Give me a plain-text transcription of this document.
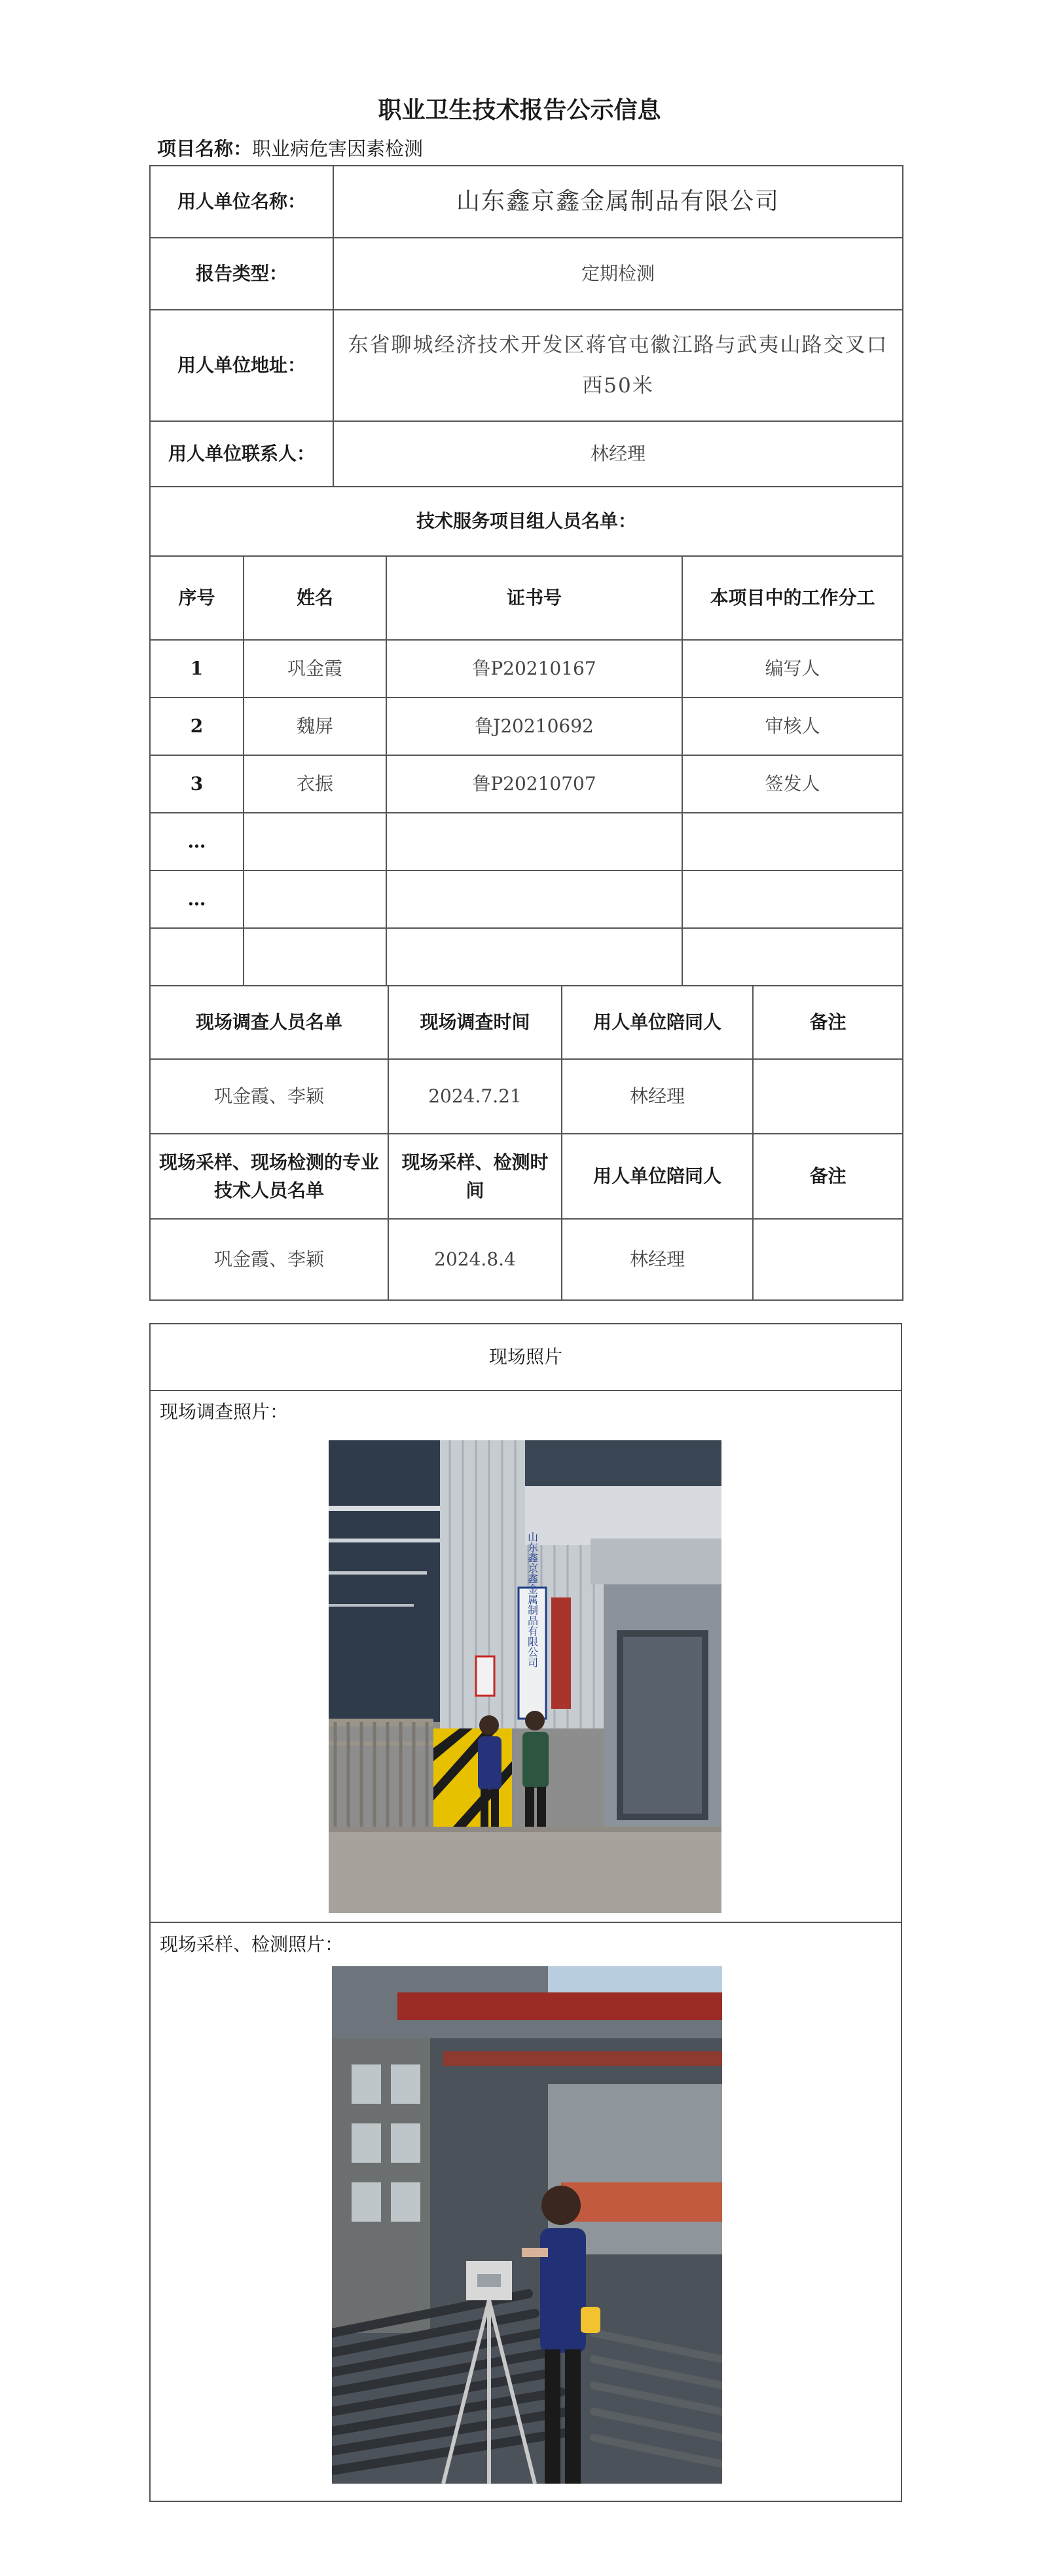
职业卫生技术报告公示信息
项目名称：职业病危害因素检测
用人单位名称：	山东鑫京鑫金属制品有限公司
报告类型：	定期检测
用人单位地址：	东省聊城经济技术开发区蒋官屯徽江路与武夷山路交叉口西50米
用人单位联系人：	林经理
技术服务项目组人员名单：			
序号	姓名	证书号	本项目中的工作分工
1	巩金霞	鲁P20210167	编写人
2	魏屏	鲁J20210692	审核人
3	衣振	鲁P20210707	签发人
…			
…			

现场调查人员名单	现场调查时间	用人单位陪同人	备注
巩金霞、李颖	2024.7.21	林经理	
现场采样、现场检测的专业技术人员名单	现场采样、检测时间	用人单位陪同人	备注
巩金霞、李颖	2024.8.4	林经理	
现场照片
现场调查照片：
山东鑫京鑫金属制品有限公司
现场采样、检测照片：
